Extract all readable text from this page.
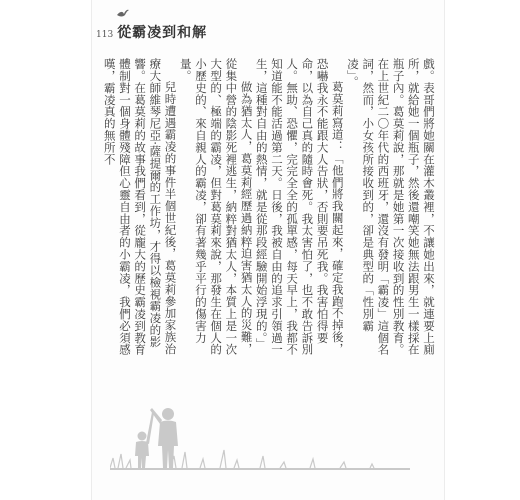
113 從霸凌到和解

戲。表哥們將她關在灌木叢裡，不讓她出來，就連要上廁所，就給她一個瓶子，然後還嘲笑她無法跟男生一樣採在瓶子內。葛莫莉說，那就是她第一次接收到的性別教育。在上世紀二〇年代的西班牙，還沒有發明「霸凌」這個名詞，然而，小女孩所接收到的，卻是典型的「性別霸凌」。

葛莫莉寫道：「他們將我關起來，確定我跑不掉後，恐嚇我永不能跟大人告狀，否則要吊死我。我害怕得要命，以為自己真的隨時會死。我太害怕了，也不敢告訴別人。無助、恐懼，完完全全的孤單感，每天早上，我都不知道能不能活過第二天。日後，我被自由的追求引領過一生，這種對自由的熱情，就是從那段經驗開始浮現的。」

做為猶太人，葛莫莉經歷過納粹迫害猶太人的災難，從集中營的陰影死裡逃生，納粹對猶太人，本質上是一次大型的、極端的霸凌，但對葛莫莉來說，那發生在個人的小歷史的、來自親人的霸凌，卻有著幾乎平行的傷害力量。

兒時遭遇霸凌的事件半個世紀後，葛莫莉參加家族治療大師維琴尼亞·薩提爾的工作坊，才得以檢視霸凌的影響。在葛莫莉的故事我們看到，從龐大的歷史霸凌到教育體制對一個身體殘障但心靈自由者的小霸凌，我們必須感嘆，霸凌真的無所不
